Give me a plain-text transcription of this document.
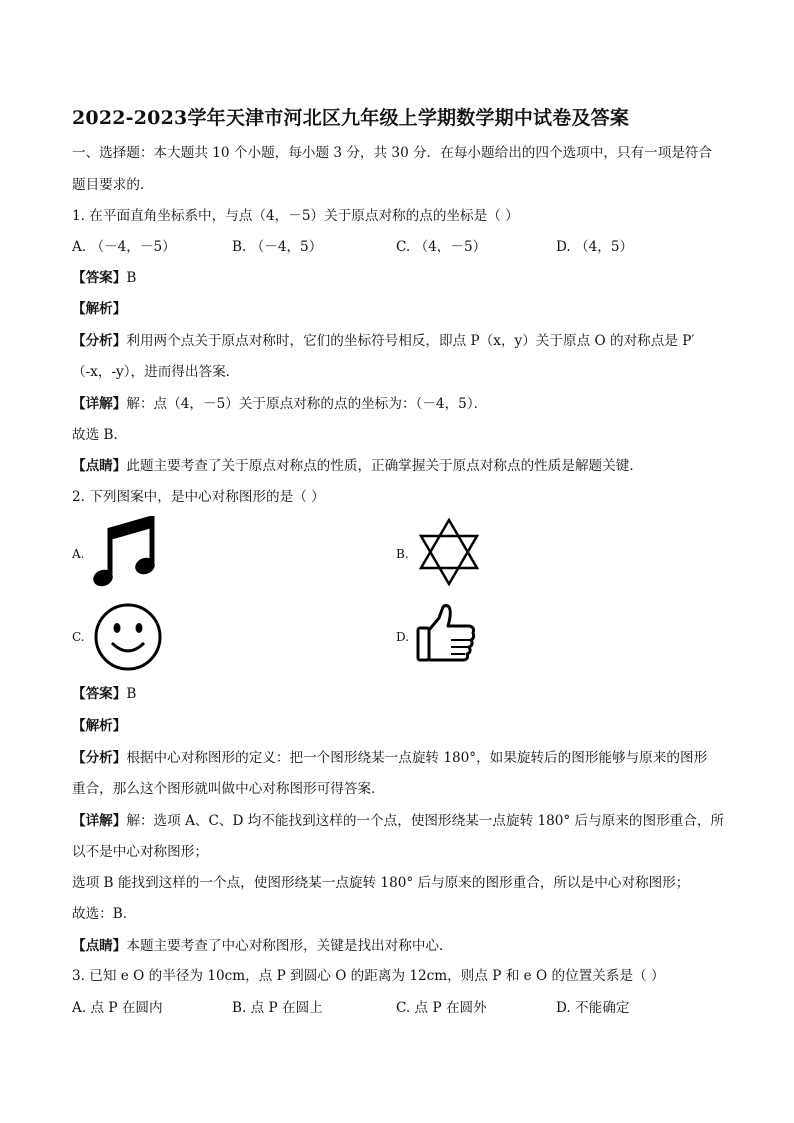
2022-2023学年天津市河北区九年级上学期数学期中试卷及答案
一、选择题：本大题共 10 个小题，每小题 3 分，共 30 分．在每小题给出的四个选项中，只有一项是符合
题目要求的．
1. 在平面直角坐标系中，与点（4，－5）关于原点对称的点的坐标是（ ）
A. （－4，－5）	B. （－4，5）	C. （4，－5）	D. （4，5）
【答案】B
【解析】
【分析】利用两个点关于原点对称时，它们的坐标符号相反，即点 P（x，y）关于原点 O 的对称点是 P′
（-x，-y），进而得出答案．
【详解】解：点（4，－5）关于原点对称的点的坐标为：（－4，5）．
故选 B．
【点睛】此题主要考查了关于原点对称点的性质，正确掌握关于原点对称点的性质是解题关键．
2. 下列图案中，是中心对称图形的是（ ）
A.	B.
C.	D.
【答案】B
【解析】
【分析】根据中心对称图形的定义：把一个图形绕某一点旋转 180°，如果旋转后的图形能够与原来的图形
重合，那么这个图形就叫做中心对称图形可得答案．
【详解】解：选项 A、C、D 均不能找到这样的一个点，使图形绕某一点旋转 180° 后与原来的图形重合，所
以不是中心对称图形；
选项 B 能找到这样的一个点，使图形绕某一点旋转 180° 后与原来的图形重合，所以是中心对称图形；
故选：B．
【点睛】本题主要考查了中心对称图形，关键是找出对称中心．
3. 已知 e O 的半径为 10cm，点 P 到圆心 O 的距离为 12cm，则点 P 和 e O 的位置关系是（ ）
A. 点 P 在圆内	B. 点 P 在圆上	C. 点 P 在圆外	D. 不能确定
